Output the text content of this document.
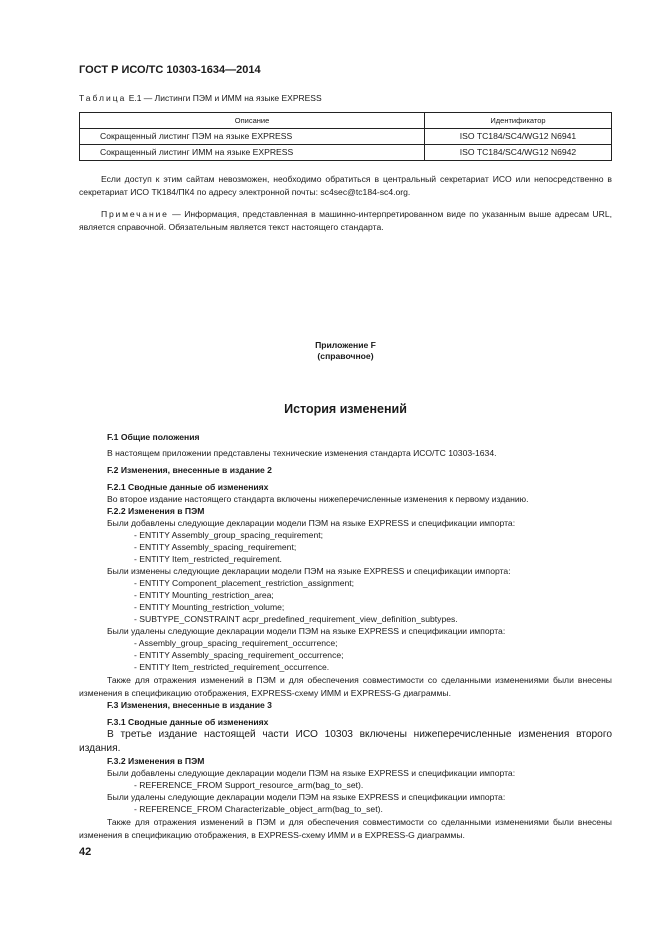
ГОСТ Р ИСО/ТС 10303-1634—2014
Таблица Е.1 — Листинги ПЭМ и ИММ на языке EXPRESS
Описание	Идентификатор
Сокращенный листинг ПЭМ на языке EXPRESS	ISO TC184/SC4/WG12 N6941
Сокращенный листинг ИММ на языке EXPRESS	ISO TC184/SC4/WG12 N6942

Если доступ к этим сайтам невозможен, необходимо обратиться в центральный секретариат ИСО или непосредственно в секретариат ИСО ТК184/ПК4 по адресу электронной почты: sc4sec@tc184-sc4.org.

Примечание — Информация, представленная в машинно-интерпретированном виде по указанным выше адресам URL, является справочной. Обязательным является текст настоящего стандарта.

Приложение F
(справочное)
История изменений
F.1 Общие положения
В настоящем приложении представлены технические изменения стандарта ИСО/ТС 10303-1634.
F.2 Изменения, внесенные в издание 2
F.2.1 Сводные данные об изменениях
Во второе издание настоящего стандарта включены нижеперечисленные изменения к первому изданию.
F.2.2 Изменения в ПЭМ
Были добавлены следующие декларации модели ПЭМ на языке EXPRESS и спецификации импорта:
- ENTITY Assembly_group_spacing_requirement;
- ENTITY Assembly_spacing_requirement;
- ENTITY Item_restricted_requirement.
Были изменены следующие декларации модели ПЭМ на языке EXPRESS и спецификации импорта:
- ENTITY Component_placement_restriction_assignment;
- ENTITY Mounting_restriction_area;
- ENTITY Mounting_restriction_volume;
- SUBTYPE_CONSTRAINT acpr_predefined_requirement_view_definition_subtypes.
Были удалены следующие декларации модели ПЭМ на языке EXPRESS и спецификации импорта:
- Assembly_group_spacing_requirement_occurrence;
- ENTITY Assembly_spacing_requirement_occurrence;
- ENTITY Item_restricted_requirement_occurrence.

Также для отражения изменений в ПЭМ и для обеспечения совместимости со сделанными изменениями были внесены изменения в спецификацию отображения, EXPRESS-схему ИММ и EXPRESS-G диаграммы.

F.3 Изменения, внесенные в издание 3
F.3.1 Сводные данные об изменениях

В третье издание настоящей части ИСО 10303 включены нижеперечисленные изменения второго издания.

F.3.2 Изменения в ПЭМ
Были добавлены следующие декларации модели ПЭМ на языке EXPRESS и спецификации импорта:
- REFERENCE_FROM Support_resource_arm(bag_to_set).
Были удалены следующие декларации модели ПЭМ на языке EXPRESS и спецификации импорта:
- REFERENCE_FROM Characterizable_object_arm(bag_to_set).

Также для отражения изменений в ПЭМ и для обеспечения совместимости со сделанными изменениями были внесены изменения в спецификацию отображения, в EXPRESS-схему ИММ и в EXPRESS-G диаграммы.

42
